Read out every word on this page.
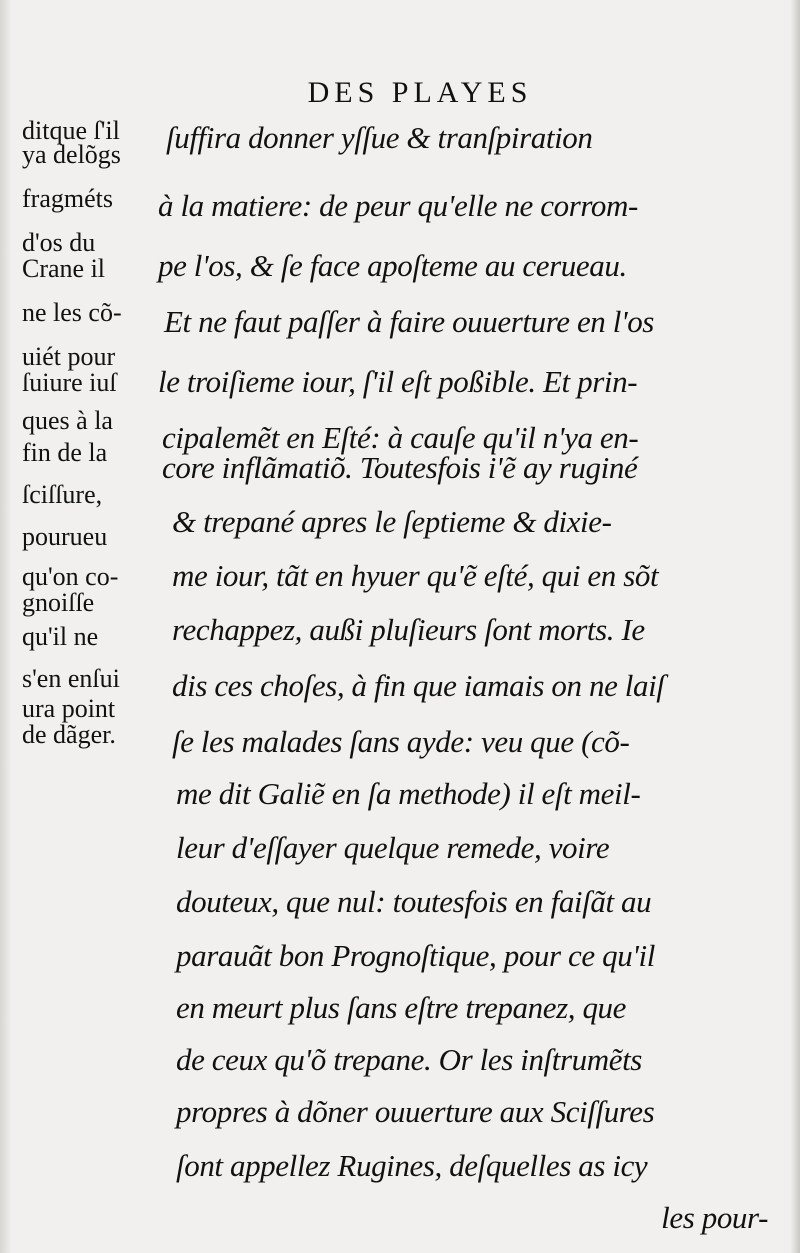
DES PLAYES
ditque ſ'il
ya delõgs
fragméts
d'os du
Crane il
ne les cõ-
uiét pour
ſuiure iuſ
ques à la
fin de la
ſciſſure,
pourueu
qu'on co-
gnoiſſe
qu'il ne
s'en enſui
ura point
de dãger.
ſuffira donner yſſue & tranſpiration
à la matiere: de peur qu'elle ne corrom-
pe l'os, & ſe face apoſteme au cerueau.
Et ne faut paſſer à faire ouuerture en l'os
le troiſieme iour, ſ'il eſt poßible. Et prin-
cipalemẽt en Eſté: à cauſe qu'il n'ya en-
core inflãmatiõ. Toutesfois i'ẽ ay ruginé
& trepané apres le ſeptieme & dixie-
me iour, tãt en hyuer qu'ẽ eſté, qui en sõt
rechappez, außi pluſieurs ſont morts. Ie
dis ces choſes, à fin que iamais on ne laiſ
ſe les malades ſans ayde: veu que (cõ-
me dit Galiẽ en ſa methode) il eſt meil-
leur d'eſſayer quelque remede, voire
douteux, que nul: toutesfois en faiſãt au
parauãt bon Prognoſtique, pour ce qu'il
en meurt plus ſans eſtre trepanez, que
de ceux qu'õ trepane. Or les inſtrumẽts
propres à dõner ouuerture aux Sciſſures
ſont appellez Rugines, deſquelles as icy
les pour-
